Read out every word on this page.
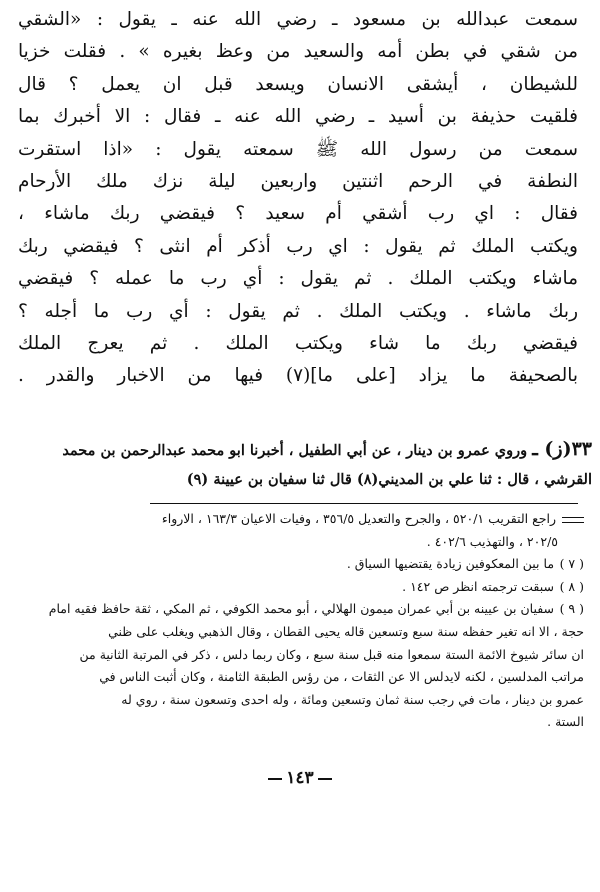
سمعت عبدالله بن مسعود ـ رضي الله عنه ـ يقول : «الشقي
من شقي في بطن أمه والسعيد من وعظ بغيره » . فقلت خزيا
للشيطان ، أيشقى الانسان ويسعد قبل ان يعمل ؟ قال
فلقيت حذيفة بن أسيد ـ رضي الله عنه ـ فقال : الا أخبرك بما
سمعت من رسول الله ﷺ سمعته يقول : «اذا استقرت
النطفة في الرحم اثنتين واربعين ليلة نزك ملك الأرحام
فقال : اي رب أشقي أم سعيد ؟ فيقضي ربك ماشاء ،
ويكتب الملك ثم يقول : اي رب أذكر أم انثى ؟ فيقضي ربك
ماشاء ويكتب الملك . ثم يقول : أي رب ما عمله ؟ فيقضي
ربك ماشاء . ويكتب الملك . ثم يقول : أي رب ما أجله ؟
فيقضي ربك ما شاء ويكتب الملك . ثم يعرج الملك
بالصحيفة ما يزاد [على ما](٧) فيها من الاخبار والقدر .
٣٣(ز) ـ وروي عمرو بن دينار ، عن أبي الطفيل ، أخبرنا ابو محمد عبدالرحمن بن محمد القرشي ، قال : ثنا علي بن المديني(٨) قال ثنا سفيان بن عيينة (٩)
راجع التقريب ٥٢٠/١ ، والجرح والتعديل ٣٥٦/٥ ، وفيات الاعيان ١٦٣/٣ ، الارواء
٢٠٢/٥ ، والتهذيب ٤٠٢/٦ .
( ٧ ) ما بين المعكوفين زيادة يقتضيها السياق .
( ٨ ) سبقت ترجمته انظر ص ١٤٢ .
( ٩ ) سفيان بن عيينه بن أبي عمران ميمون الهلالي ، أبو محمد الكوفي ، ثم المكي ، ثقة حافظ فقيه امام
حجة ، الا انه تغير حفظه سنة سبع وتسعين قاله يحيى القطان ، وقال الذهبي ويغلب على ظني
ان سائر شيوخ الائمة الستة سمعوا منه قبل سنة سبع ، وكان ربما دلس ، ذكر في المرتبة الثانية من
مراتب المدلسين ، لكنه لايدلس الا عن الثقات ، من رؤس الطبقة الثامنة ، وكان أثبت الناس في
عمرو بن دينار ، مات في رجب سنة ثمان وتسعين ومائة ، وله احدى وتسعون سنة ، روي له
الستة .
١٤٣
